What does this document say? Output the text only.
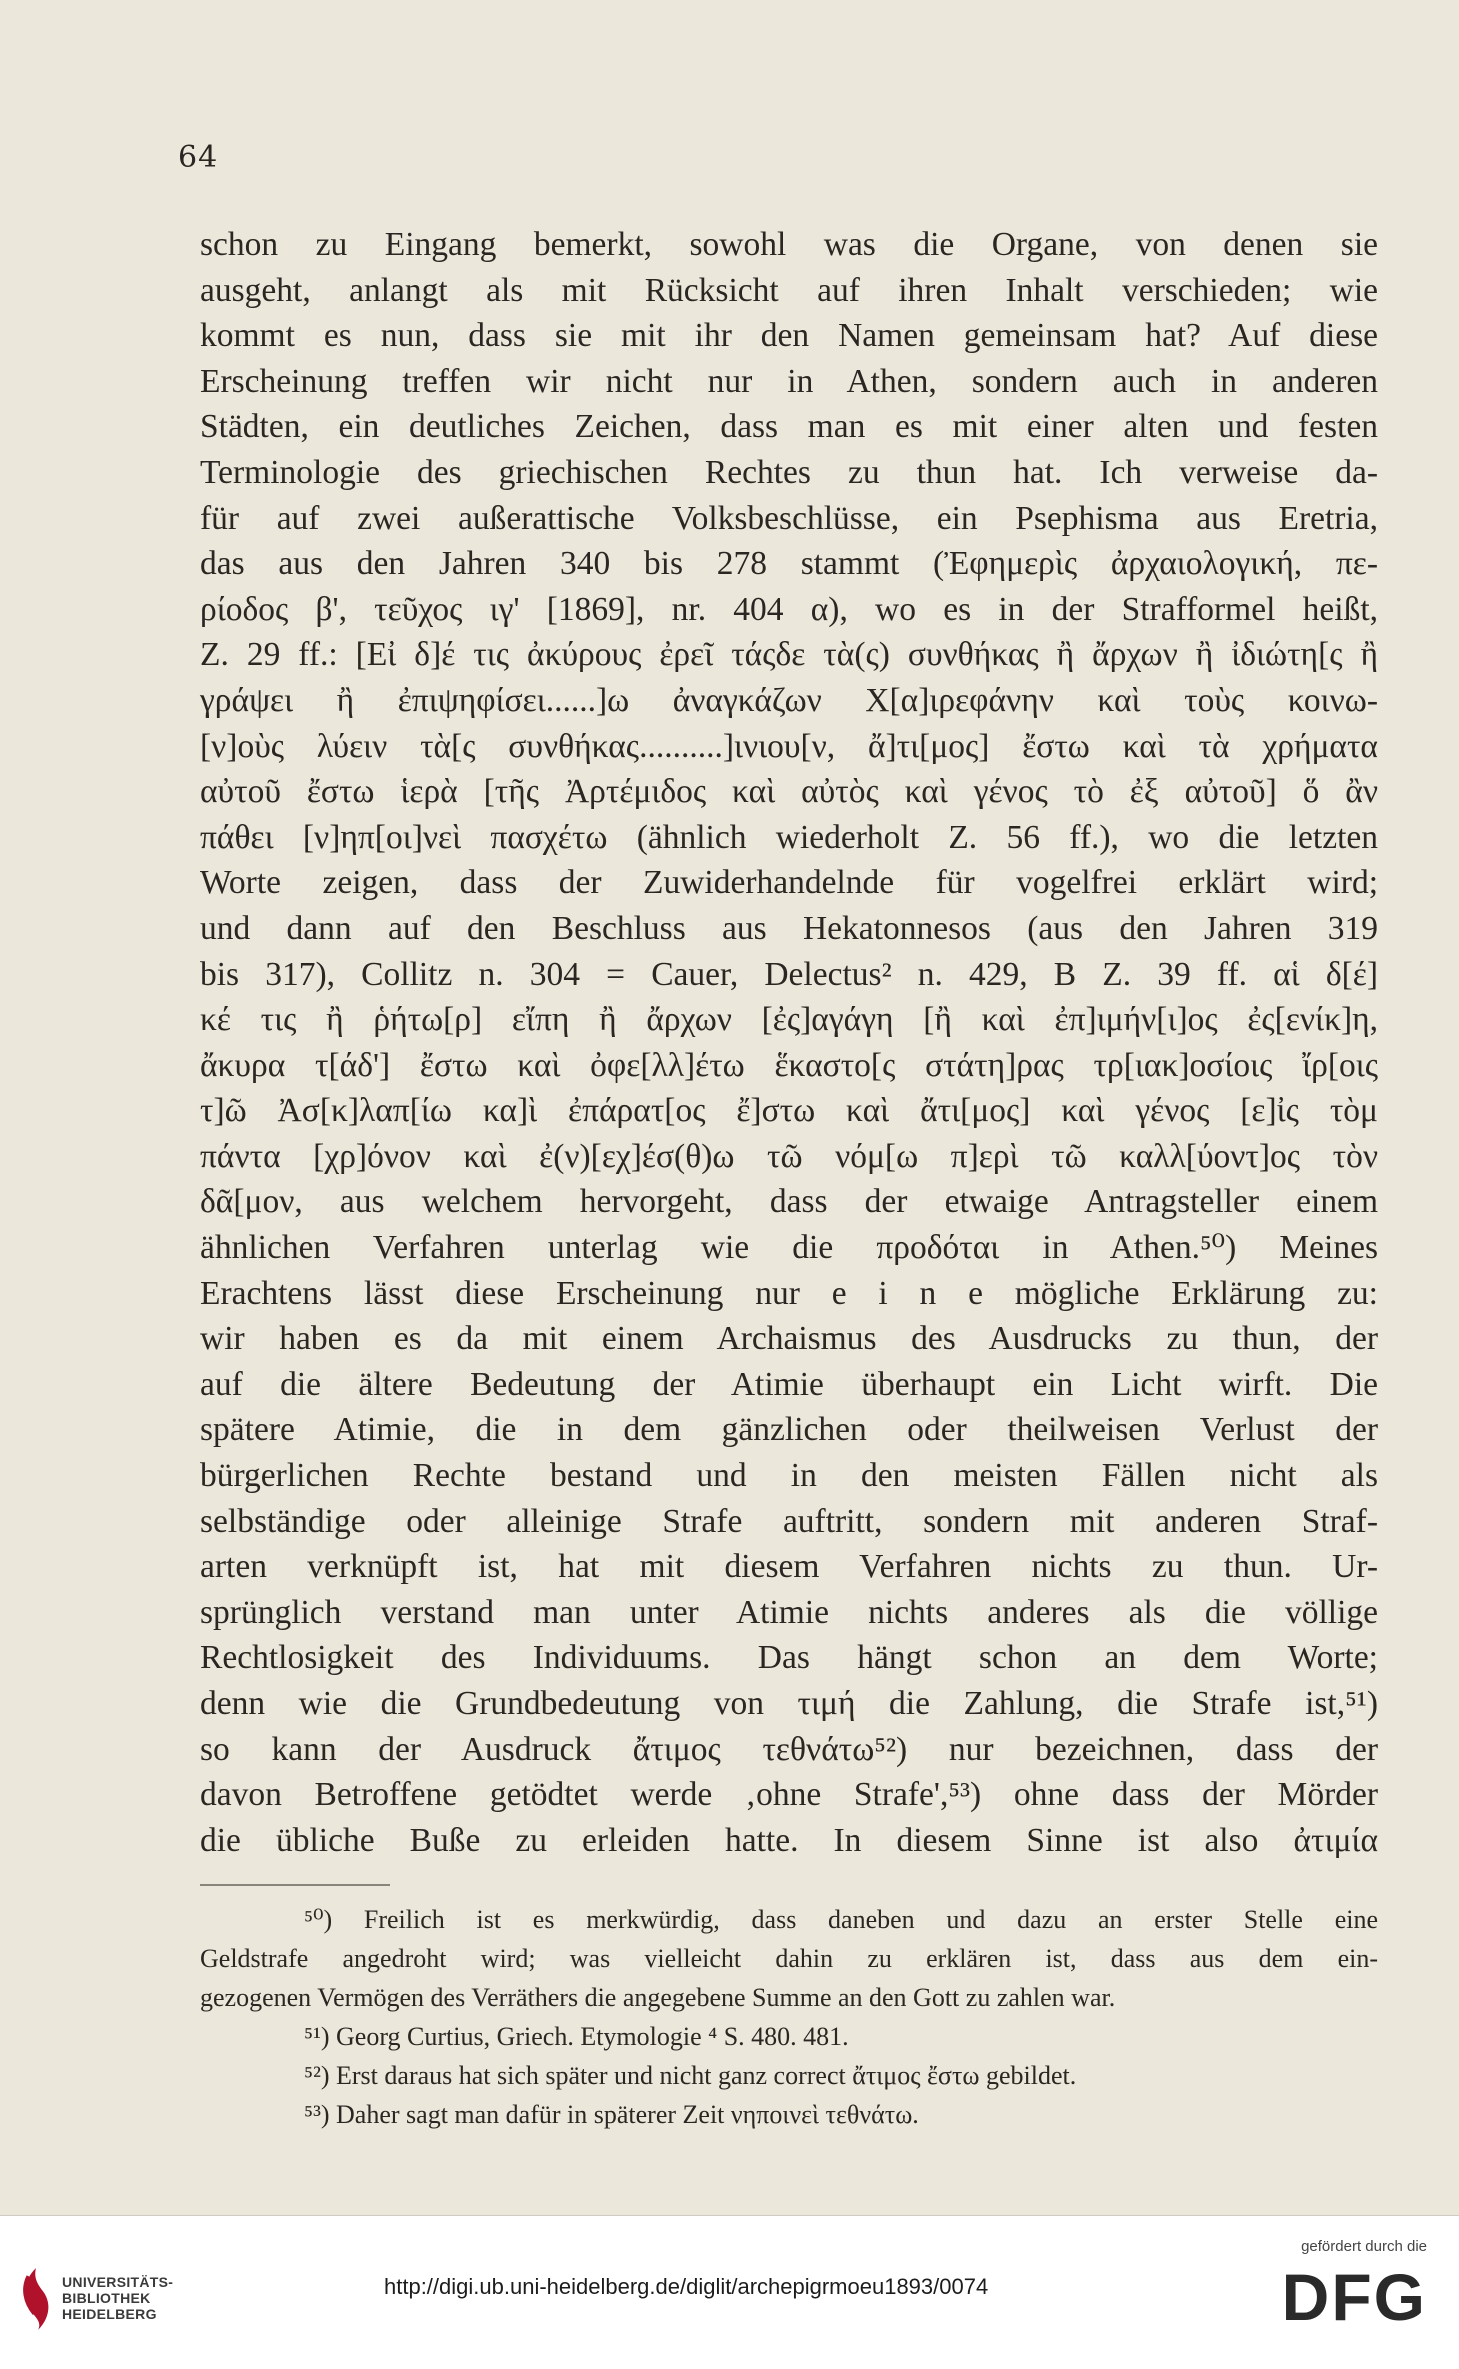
64
schon zu Eingang bemerkt, sowohl was die Organe, von denen sie
ausgeht, anlangt als mit Rücksicht auf ihren Inhalt verschieden; wie
kommt es nun, dass sie mit ihr den Namen gemeinsam hat? Auf diese
Erscheinung treffen wir nicht nur in Athen, sondern auch in anderen
Städten, ein deutliches Zeichen, dass man es mit einer alten und festen
Terminologie des griechischen Rechtes zu thun hat. Ich verweise da-
für auf zwei außerattische Volksbeschlüsse, ein Psephisma aus Eretria,
das aus den Jahren 340 bis 278 stammt (Ἐφημερὶς ἀρχαιολογική, πε-
ρίοδος β', τεῦχος ιγ' [1869], nr. 404 α), wo es in der Strafformel heißt,
Z. 29 ff.: [Εἰ δ]έ τις ἀκύρους ἐρεῖ τάςδε τὰ(ς) συνθήκας ἢ ἄρχων ἢ ἰδιώτη[ς ἢ
γράψει ἢ ἐπιψηφίσει......]ω ἀναγκάζων Χ[α]ιρεφάνην καὶ τοὺς κοινω-
[ν]οὺς λύειν τὰ[ς συνθήκας..........]ινιου[ν, ἄ]τι[μος] ἔστω καὶ τὰ χρήματα
αὐτοῦ ἔστω ἱερὰ [τῆς Ἀρτέμιδος καὶ αὐτὸς καὶ γένος τὸ ἐξ αὐτοῦ] ὅ ἂν
πάθει [ν]ηπ[οι]νεὶ πασχέτω (ähnlich wiederholt Z. 56 ff.), wo die letzten
Worte zeigen, dass der Zuwiderhandelnde für vogelfrei erklärt wird;
und dann auf den Beschluss aus Hekatonnesos (aus den Jahren 319
bis 317), Collitz n. 304 = Cauer, Delectus² n. 429, B Z. 39 ff. αἱ δ[έ]
κέ τις ἢ ῥήτω[ρ] εἴπη ἢ ἄρχων [ἐς]αγάγη [ἢ καὶ ἐπ]ιμήν[ι]ος ἐς[ενίκ]η,
ἄκυρα τ[άδ'] ἔστω καὶ ὀφε[λλ]έτω ἕκαστο[ς στάτη]ρας τρ[ιακ]οσίοις ἴρ[οις
τ]ῶ Ἀσ[κ]λαπ[ίω κα]ὶ ἐπάρατ[ος ἔ]στω καὶ ἄτι[μος] καὶ γένος [ε]ἰς τὸμ
πάντα [χρ]όνον καὶ ἐ(ν)[εχ]έσ(θ)ω τῶ νόμ[ω π]ερὶ τῶ καλλ[ύοντ]ος τὸν
δᾶ[μον, aus welchem hervorgeht, dass der etwaige Antragsteller einem
ähnlichen Verfahren unterlag wie die προδόται in Athen.⁵⁰) Meines
Erachtens lässt diese Erscheinung nur e i n e mögliche Erklärung zu:
wir haben es da mit einem Archaismus des Ausdrucks zu thun, der
auf die ältere Bedeutung der Atimie überhaupt ein Licht wirft. Die
spätere Atimie, die in dem gänzlichen oder theilweisen Verlust der
bürgerlichen Rechte bestand und in den meisten Fällen nicht als
selbständige oder alleinige Strafe auftritt, sondern mit anderen Straf-
arten verknüpft ist, hat mit diesem Verfahren nichts zu thun. Ur-
sprünglich verstand man unter Atimie nichts anderes als die völlige
Rechtlosigkeit des Individuums. Das hängt schon an dem Worte;
denn wie die Grundbedeutung von τιμή die Zahlung, die Strafe ist,⁵¹)
so kann der Ausdruck ἄτιμος τεθνάτω⁵²) nur bezeichnen, dass der
davon Betroffene getödtet werde ‚ohne Strafe',⁵³) ohne dass der Mörder
die übliche Buße zu erleiden hatte. In diesem Sinne ist also ἀτιμία

⁵⁰) Freilich ist es merkwürdig, dass daneben und dazu an erster Stelle eine
Geldstrafe angedroht wird; was vielleicht dahin zu erklären ist, dass aus dem ein-
gezogenen Vermögen des Verräthers die angegebene Summe an den Gott zu zahlen war.

⁵¹) Georg Curtius, Griech. Etymologie ⁴ S. 480. 481.

⁵²) Erst daraus hat sich später und nicht ganz correct ἄτιμος ἔστω gebildet.

⁵³) Daher sagt man dafür in späterer Zeit νηποινεὶ τεθνάτω.

UNIVERSITÄTS-
BIBLIOTHEK
HEIDELBERG
http://digi.ub.uni-heidelberg.de/diglit/archepigrmoeu1893/0074
gefördert durch die
DFG
